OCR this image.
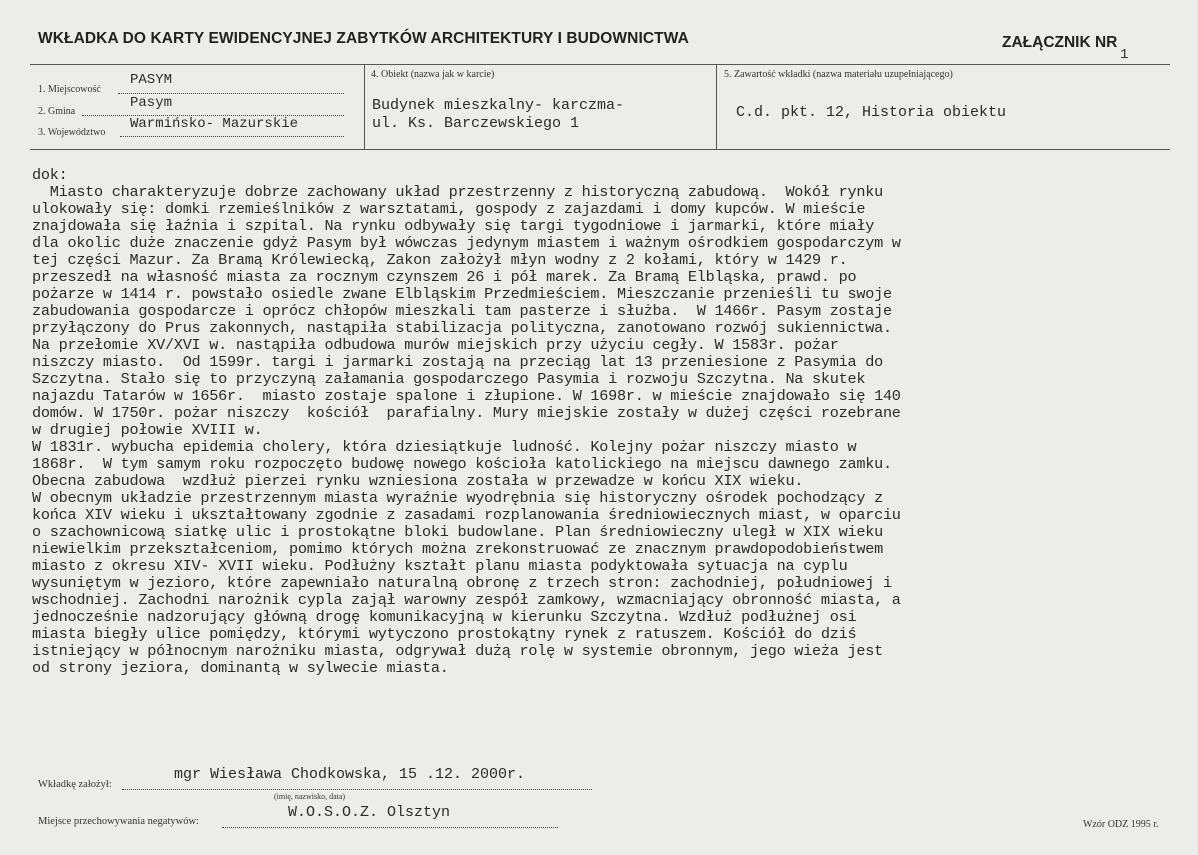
WKŁADKA DO KARTY EWIDENCYJNEJ ZABYTKÓW ARCHITEKTURY I BUDOWNICTWA	ZAŁĄCZNIK NR
1
1. Miejscowość
PASYM
2. Gmina
Pasym
3. Województwo
Warmińsko- Mazurskie
4. Obiekt (nazwa jak w karcie)
Budynek mieszkalny- karczma-
ul. Ks. Barczewskiego 1
5. Zawartość wkładki (nazwa materiału uzupełniającego)
C.d. pkt. 12, Historia obiektu
dok:
Miasto charakteryzuje dobrze zachowany układ przestrzenny z historyczną zabudową.  Wokół rynku
ulokowały się: domki rzemieślników z warsztatami, gospody z zajazdami i domy kupców. W mieście
znajdowała się łaźnia i szpital. Na rynku odbywały się targi tygodniowe i jarmarki, które miały
dla okolic duże znaczenie gdyż Pasym był wówczas jedynym miastem i ważnym ośrodkiem gospodarczym w
tej części Mazur. Za Bramą Królewiecką, Zakon założył młyn wodny z 2 kołami, który w 1429 r.
przeszedł na własność miasta za rocznym czynszem 26 i pół marek. Za Bramą Elbląska, prawd. po
pożarze w 1414 r. powstało osiedle zwane Elbląskim Przedmieściem. Mieszczanie przenieśli tu swoje
zabudowania gospodarcze i oprócz chłopów mieszkali tam pasterze i służba.  W 1466r. Pasym zostaje
przyłączony do Prus zakonnych, nastąpiła stabilizacja polityczna, zanotowano rozwój sukiennictwa.
Na przełomie XV/XVI w. nastąpiła odbudowa murów miejskich przy użyciu cegły. W 1583r. pożar
niszczy miasto.  Od 1599r. targi i jarmarki zostają na przeciąg lat 13 przeniesione z Pasymia do
Szczytna. Stało się to przyczyną załamania gospodarczego Pasymia i rozwoju Szczytna. Na skutek
najazdu Tatarów w 1656r.  miasto zostaje spalone i złupione. W 1698r. w mieście znajdowało się 140
domów. W 1750r. pożar niszczy  kościół  parafialny. Mury miejskie zostały w dużej części rozebrane
w drugiej połowie XVIII w.
W 1831r. wybucha epidemia cholery, która dziesiątkuje ludność. Kolejny pożar niszczy miasto w
1868r.  W tym samym roku rozpoczęto budowę nowego kościoła katolickiego na miejscu dawnego zamku.
Obecna zabudowa  wzdłuż pierzei rynku wzniesiona została w przewadze w końcu XIX wieku.
W obecnym układzie przestrzennym miasta wyraźnie wyodrębnia się historyczny ośrodek pochodzący z
końca XIV wieku i ukształtowany zgodnie z zasadami rozplanowania średniowiecznych miast, w oparciu
o szachownicową siatkę ulic i prostokątne bloki budowlane. Plan średniowieczny uległ w XIX wieku
niewielkim przekształceniom, pomimo których można zrekonstruować ze znacznym prawdopodobieństwem
miasto z okresu XIV- XVII wieku. Podłużny kształt planu miasta podyktowała sytuacja na cyplu
wysuniętym w jezioro, które zapewniało naturalną obronę z trzech stron: zachodniej, południowej i
wschodniej. Zachodni narożnik cypla zajął warowny zespół zamkowy, wzmacniający obronność miasta, a
jednocześnie nadzorujący główną drogę komunikacyjną w kierunku Szczytna. Wzdłuż podłużnej osi
miasta biegły ulice pomiędzy, którymi wytyczono prostokątny rynek z ratuszem. Kościół do dziś
istniejący w północnym narożniku miasta, odgrywał dużą rolę w systemie obronnym, jego wieża jest
od strony jeziora, dominantą w sylwecie miasta.
Wkładkę założył:
mgr Wiesława Chodkowska, 15 .12. 2000r.
(imię, nazwisko, data)
Miejsce przechowywania negatywów:
W.O.S.O.Z. Olsztyn
Wzór ODZ 1995 r.
